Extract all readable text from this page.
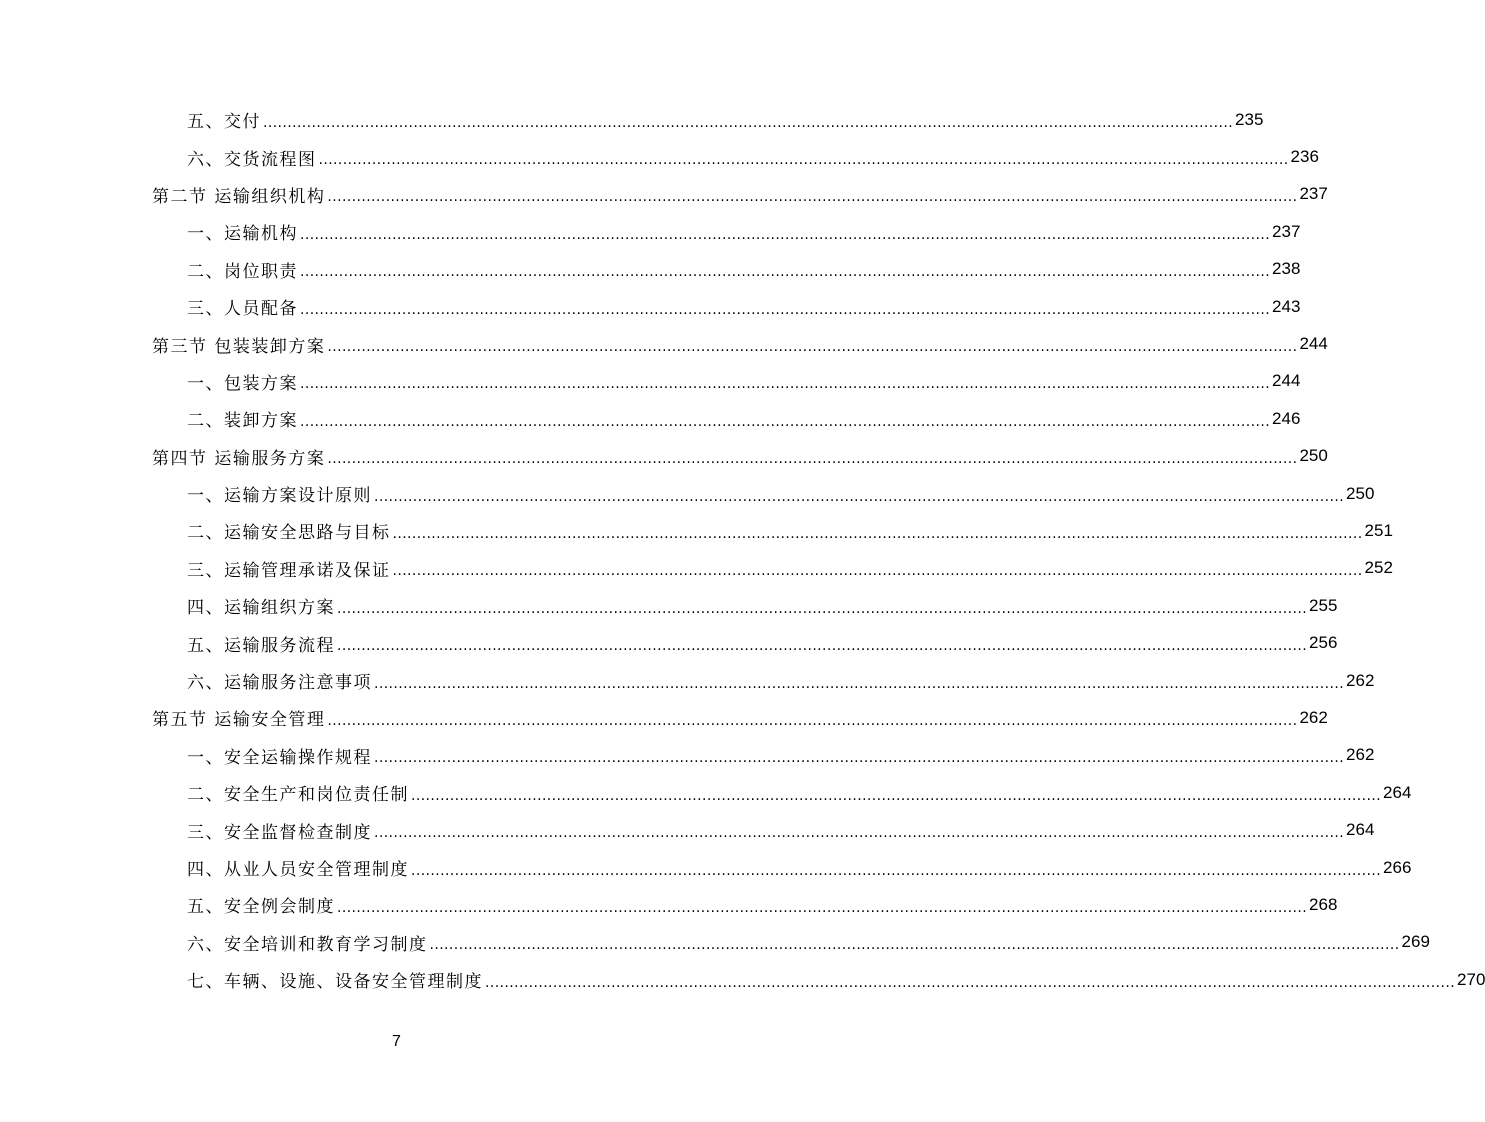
五、交付 ........................................................................................................................................................................................................ 235
六、交货流程图 ........................................................................................................................................................................................................ 236
第二节 运输组织机构 ........................................................................................................................................................................................................ 237
一、运输机构 ........................................................................................................................................................................................................ 237
二、岗位职责 ........................................................................................................................................................................................................ 238
三、人员配备 ........................................................................................................................................................................................................ 243
第三节 包装装卸方案 ........................................................................................................................................................................................................ 244
一、包装方案 ........................................................................................................................................................................................................ 244
二、装卸方案 ........................................................................................................................................................................................................ 246
第四节 运输服务方案 ........................................................................................................................................................................................................ 250
一、运输方案设计原则 ........................................................................................................................................................................................................ 250
二、运输安全思路与目标 ........................................................................................................................................................................................................ 251
三、运输管理承诺及保证 ........................................................................................................................................................................................................ 252
四、运输组织方案 ........................................................................................................................................................................................................ 255
五、运输服务流程 ........................................................................................................................................................................................................ 256
六、运输服务注意事项 ........................................................................................................................................................................................................ 262
第五节 运输安全管理 ........................................................................................................................................................................................................ 262
一、安全运输操作规程 ........................................................................................................................................................................................................ 262
二、安全生产和岗位责任制 ........................................................................................................................................................................................................ 264
三、安全监督检查制度 ........................................................................................................................................................................................................ 264
四、从业人员安全管理制度 ........................................................................................................................................................................................................ 266
五、安全例会制度 ........................................................................................................................................................................................................ 268
六、安全培训和教育学习制度 ........................................................................................................................................................................................................ 269
七、车辆、设施、设备安全管理制度 ........................................................................................................................................................................................................ 270
7
